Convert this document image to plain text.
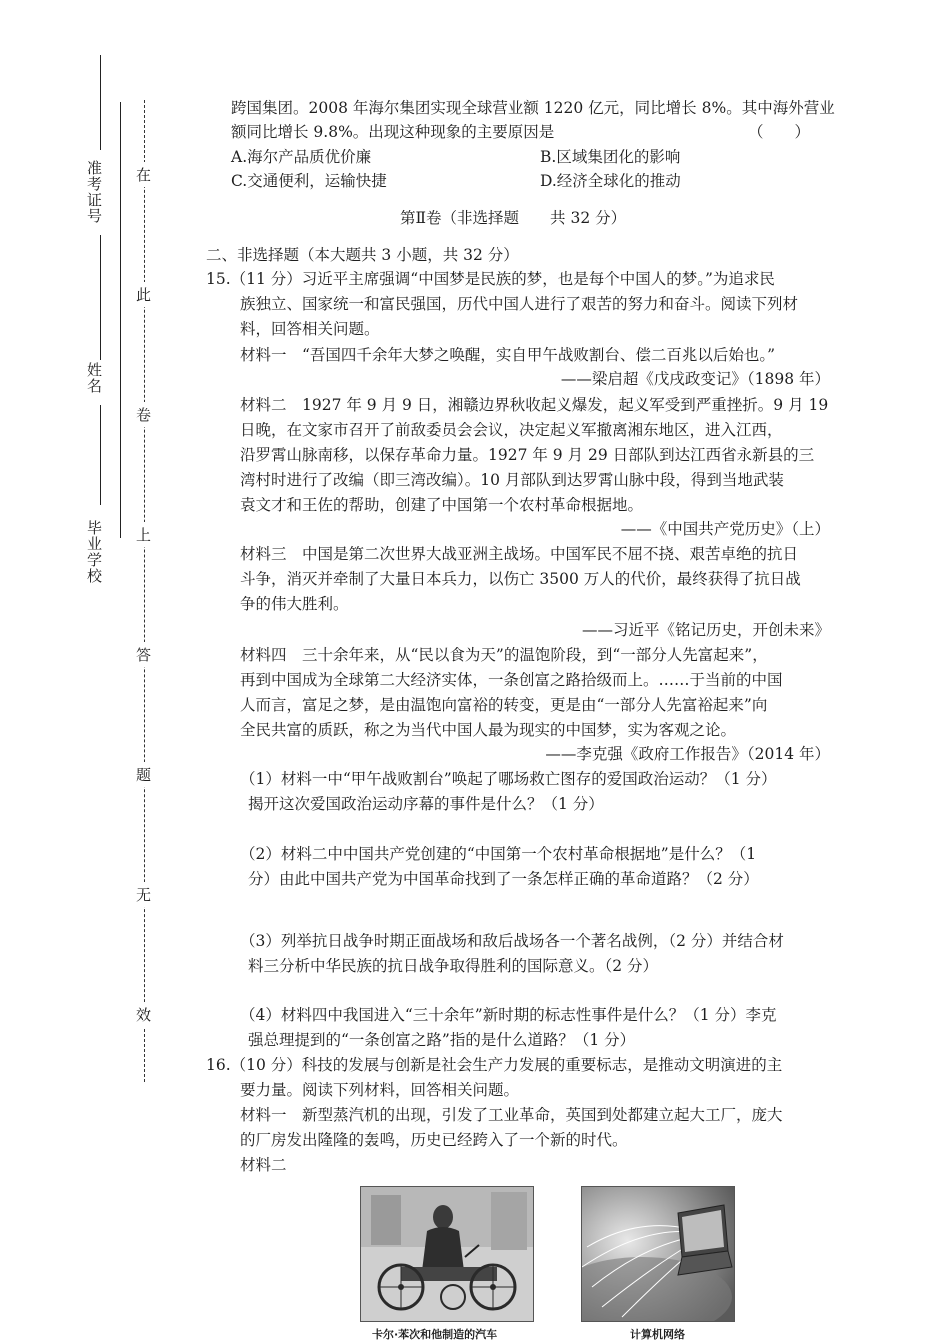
准考证号
姓名
毕业学校
在
此
卷
上
答
题
无
效
跨国集团。2008 年海尔集团实现全球营业额 1220 亿元，同比增长 8%。其中海外营业
额同比增长 9.8%。出现这种现象的主要原因是	（　　）
A.海尔产品质优价廉	B.区域集团化的影响
C.交通便利，运输快捷	D.经济全球化的推动
第Ⅱ卷（非选择题　　共 32 分）
二、非选择题（本大题共 3 小题，共 32 分）
15.（11 分）习近平主席强调“中国梦是民族的梦，也是每个中国人的梦。”为追求民
族独立、国家统一和富民强国，历代中国人进行了艰苦的努力和奋斗。阅读下列材
料，回答相关问题。
材料一　“吾国四千余年大梦之唤醒，实自甲午战败割台、偿二百兆以后始也。”
——梁启超《戊戌政变记》（1898 年）
材料二　1927 年 9 月 9 日，湘赣边界秋收起义爆发，起义军受到严重挫折。9 月 19
日晚，在文家市召开了前敌委员会会议，决定起义军撤离湘东地区，进入江西，
沿罗霄山脉南移，以保存革命力量。1927 年 9 月 29 日部队到达江西省永新县的三
湾村时进行了改编（即三湾改编）。10 月部队到达罗霄山脉中段，得到当地武装
袁文才和王佐的帮助，创建了中国第一个农村革命根据地。
——《中国共产党历史》（上）
材料三　中国是第二次世界大战亚洲主战场。中国军民不屈不挠、艰苦卓绝的抗日
斗争，消灭并牵制了大量日本兵力，以伤亡 3500 万人的代价，最终获得了抗日战
争的伟大胜利。
——习近平《铭记历史，开创未来》
材料四　三十余年来，从“民以食为天”的温饱阶段，到“一部分人先富起来”，
再到中国成为全球第二大经济实体，一条创富之路拾级而上。……于当前的中国
人而言，富足之梦，是由温饱向富裕的转变，更是由“一部分人先富裕起来”向
全民共富的质跃，称之为当代中国人最为现实的中国梦，实为客观之论。
——李克强《政府工作报告》（2014 年）
（1）材料一中“甲午战败割台”唤起了哪场救亡图存的爱国政治运动？（1 分）
揭开这次爱国政治运动序幕的事件是什么？（1 分）
（2）材料二中中国共产党创建的“中国第一个农村革命根据地”是什么？（1
分）由此中国共产党为中国革命找到了一条怎样正确的革命道路？（2 分）
（3）列举抗日战争时期正面战场和敌后战场各一个著名战例，（2 分）并结合材
料三分析中华民族的抗日战争取得胜利的国际意义。（2 分）
（4）材料四中我国进入“三十余年”新时期的标志性事件是什么？（1 分）李克
强总理提到的“一条创富之路”指的是什么道路？（1 分）
16.（10 分）科技的发展与创新是社会生产力发展的重要标志，是推动文明演进的主
要力量。阅读下列材料，回答相关问题。
材料一　新型蒸汽机的出现，引发了工业革命，英国到处都建立起大工厂，庞大
的厂房发出隆隆的轰鸣，历史已经跨入了一个新的时代。
材料二
卡尔·苯次和他制造的汽车	计算机网络
